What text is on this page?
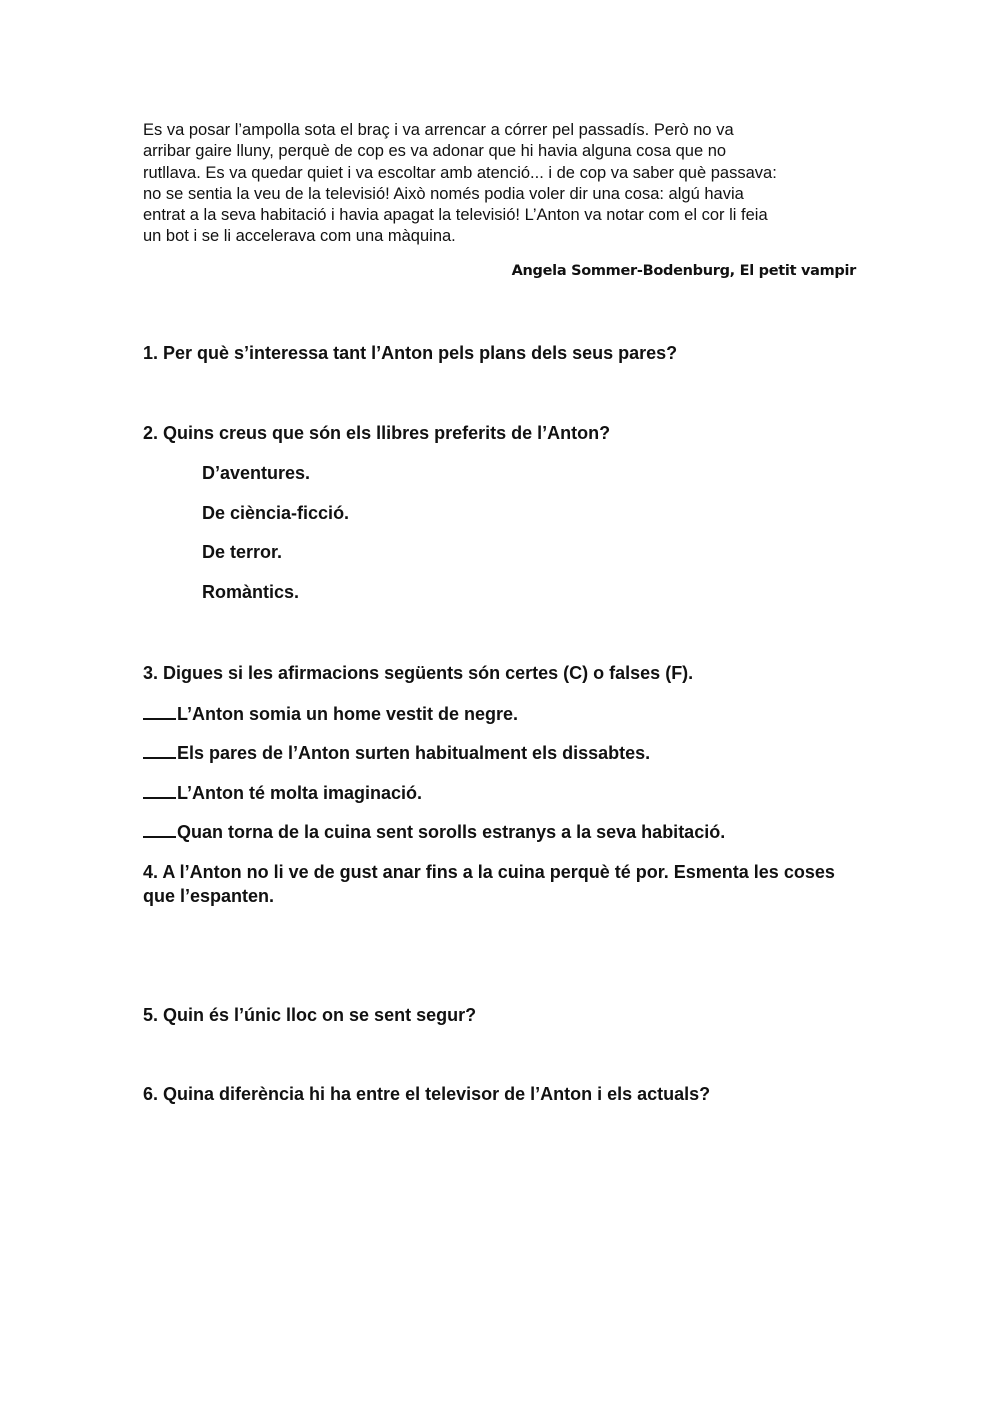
Es va posar l’ampolla sota el braç i va arrencar a córrer pel passadís. Però no va
arribar gaire lluny, perquè de cop es va adonar que hi havia alguna cosa que no
rutllava. Es va quedar quiet i va escoltar amb atenció... i de cop va saber què passava:
no se sentia la veu de la televisió! Això només podia voler dir una cosa: algú havia
entrat a la seva habitació i havia apagat la televisió! L’Anton va notar com el cor li feia
un bot i se li accelerava com una màquina.
Angela Sommer-Bodenburg, El petit vampir
1. Per què s’interessa tant l’Anton pels plans dels seus pares?
2. Quins creus que són els llibres preferits de l’Anton?
D’aventures.
De ciència-ficció.
De terror.
Romàntics.
3. Digues si les afirmacions següents són certes (C) o falses (F).
L’Anton somia un home vestit de negre.
Els pares de l’Anton surten habitualment els dissabtes.
L’Anton té molta imaginació.
Quan torna de la cuina sent sorolls estranys a la seva habitació.
4. A l’Anton no li ve de gust anar fins a la cuina perquè té por. Esmenta les coses que l’espanten.
5. Quin és l’únic lloc on se sent segur?
6. Quina diferència hi ha entre el televisor de l’Anton i els actuals?
